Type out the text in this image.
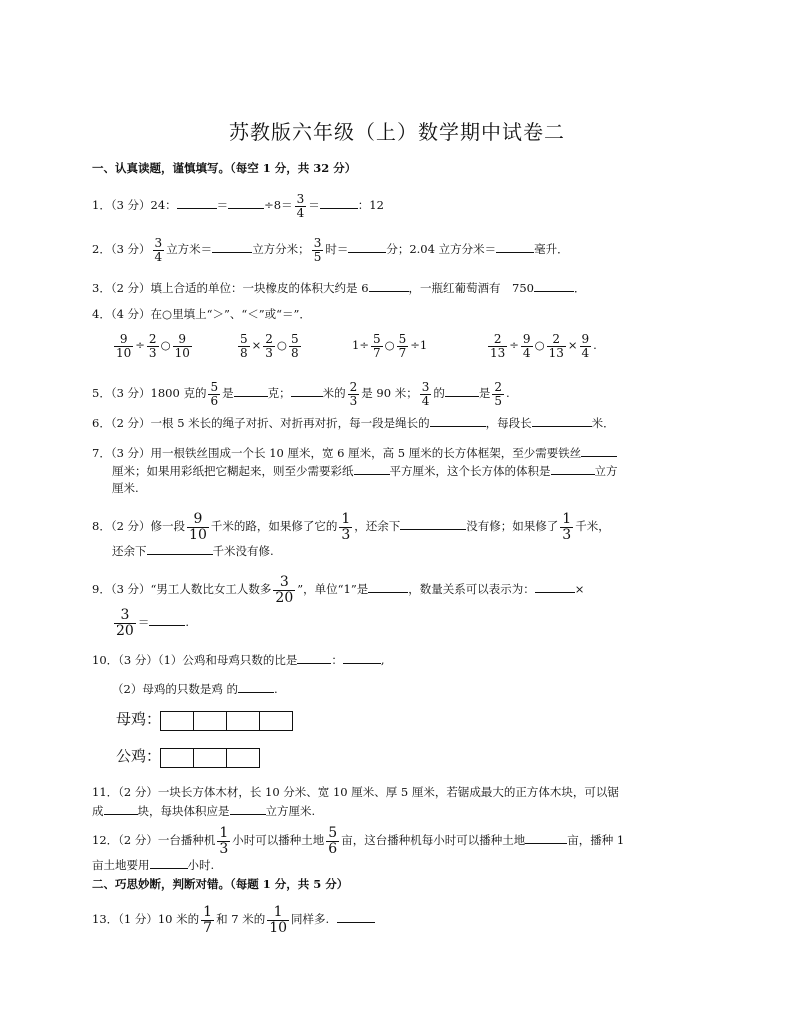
苏教版六年级（上）数学期中试卷二
一、认真读题，谨慎填写。（每空 1 分，共 32 分）
1．（3 分）24：	＝	$\div 8= \frac{3}{4}$ ＝	：12
2．（3 分） $\frac{3}{4}$ 立方米＝	立方分米； $\frac{3}{5}$ 时＝	分；2.04 立方分米＝	毫升．
3．（2 分）填上合适的单位：一块橡皮的体积大约是 6	，一瓶红葡萄酒有　750	．
4．（4 分）在○里填上“＞”、“＜”或“＝”．
$\frac{9}{10} \div \frac{2}{3}$ ○ $\frac{9}{10}$	$\frac{5}{8} \times \frac{2}{3}$ ○ $\frac{5}{8}$	$1\div \frac{5}{7}$ ○ $\frac{5}{7} \div 1$	$\frac{2}{13} \div \frac{9}{4}$ ○ $\frac{2}{13} \times \frac{9}{4}$ .
5．（3 分）1800 克的 $\frac{5}{6}$ 是	克；	米的 $\frac{2}{3}$ 是 90 米； $\frac{3}{4}$ 的	是 $\frac{2}{5}$ .
6．（2 分）一根 5 米长的绳子对折、对折再对折，每一段是绳长的	，每段长	米．
7．（3 分）用一根铁丝围成一个长 10 厘米，宽 6 厘米，高 5 厘米的长方体框架，至少需要铁丝
厘米；如果用彩纸把它糊起来，则至少需要彩纸	平方厘米，这个长方体的体积是	立方
厘米.
8．（2 分）修一段 $\frac{9}{10}$ 千米的路，如果修了它的 $\frac{1}{3}$ ，还余下	没有修；如果修了 $\frac{1}{3}$ 千米，
还余下	千米没有修.
9．（3 分）“男工人数比女工人数多 $\frac{3}{20}$ ”，单位“1”是	，数量关系可以表示为：	×
$\frac{3}{20}$ ＝	.
10．（3 分）（1）公鸡和母鸡只数的比是	：	,
（2）母鸡的只数是鸡 的	.
母鸡：
公鸡：
11．（2 分）一块长方体木材，长 10 分米、宽 10 厘米、厚 5 厘米，若锯成最大的正方体木块，可以锯
成	块，每块体积应是	立方厘米.
12．（2 分）一台播种机 $\frac{1}{3}$ 小时可以播种土地 $\frac{5}{6}$ 亩，这台播种机每小时可以播种土地	亩，播种 1
亩土地要用	小时.
二、巧思妙断，判断对错。（每题 1 分，共 5 分）
13．（1 分）10 米的 $\frac{1}{7}$ 和 7 米的 $\frac{1}{10}$ 同样多.
